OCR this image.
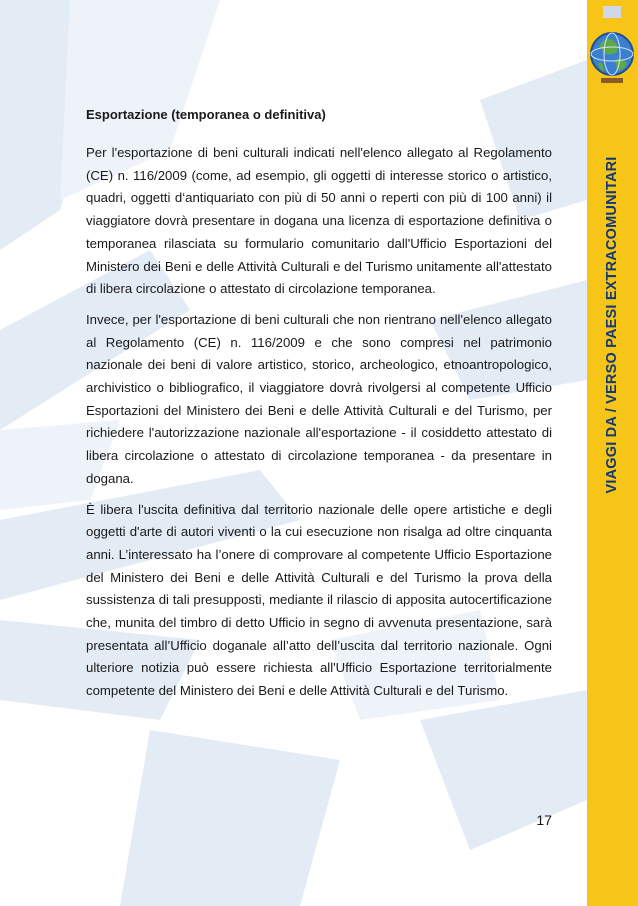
VIAGGI DA / VERSO PAESI EXTRACOMUNITARI
Esportazione (temporanea o definitiva)

Per l'esportazione di beni culturali indicati nell'elenco allegato al Regolamento (CE) n. 116/2009 (come, ad esempio, gli oggetti di interesse storico o artistico, quadri, oggetti d‘antiquariato con più di 50 anni o reperti con più di 100 anni) il viaggiatore dovrà presentare in dogana una licenza di esportazione definitiva o temporanea rilasciata su formulario comunitario dall'Ufficio Esportazioni del Ministero dei Beni e delle Attività Culturali e del Turismo unitamente all'attestato di libera circolazione o attestato di circolazione temporanea.

Invece, per l'esportazione di beni culturali che non rientrano nell'elenco allegato al Regolamento (CE) n. 116/2009 e che sono compresi nel patrimonio nazionale dei beni di valore artistico, storico, archeologico, etnoantropologico, archivistico o bibliografico, il viaggiatore dovrà rivolgersi al competente Ufficio Esportazioni del Ministero dei Beni e delle Attività Culturali e del Turismo, per richiedere l'autorizzazione nazionale all'esportazione - il cosiddetto attestato di libera circolazione o attestato di circolazione temporanea - da presentare in dogana.

È libera l'uscita definitiva dal territorio nazionale delle opere artistiche e degli oggetti d'arte di autori viventi o la cui esecuzione non risalga ad oltre cinquanta anni. L’interessato ha l’onere di comprovare al competente Ufficio Esportazione del Ministero dei Beni e delle Attività Culturali e del Turismo la prova della sussistenza di tali presupposti, mediante il rilascio di apposita autocertificazione che, munita del timbro di detto Ufficio in segno di avvenuta presentazione, sarà presentata all’Ufficio doganale all’atto dell’uscita dal territorio nazionale. Ogni ulteriore notizia può essere richiesta all'Ufficio Esportazione territorialmente competente del Ministero dei Beni e delle Attività Culturali e del Turismo.

17
